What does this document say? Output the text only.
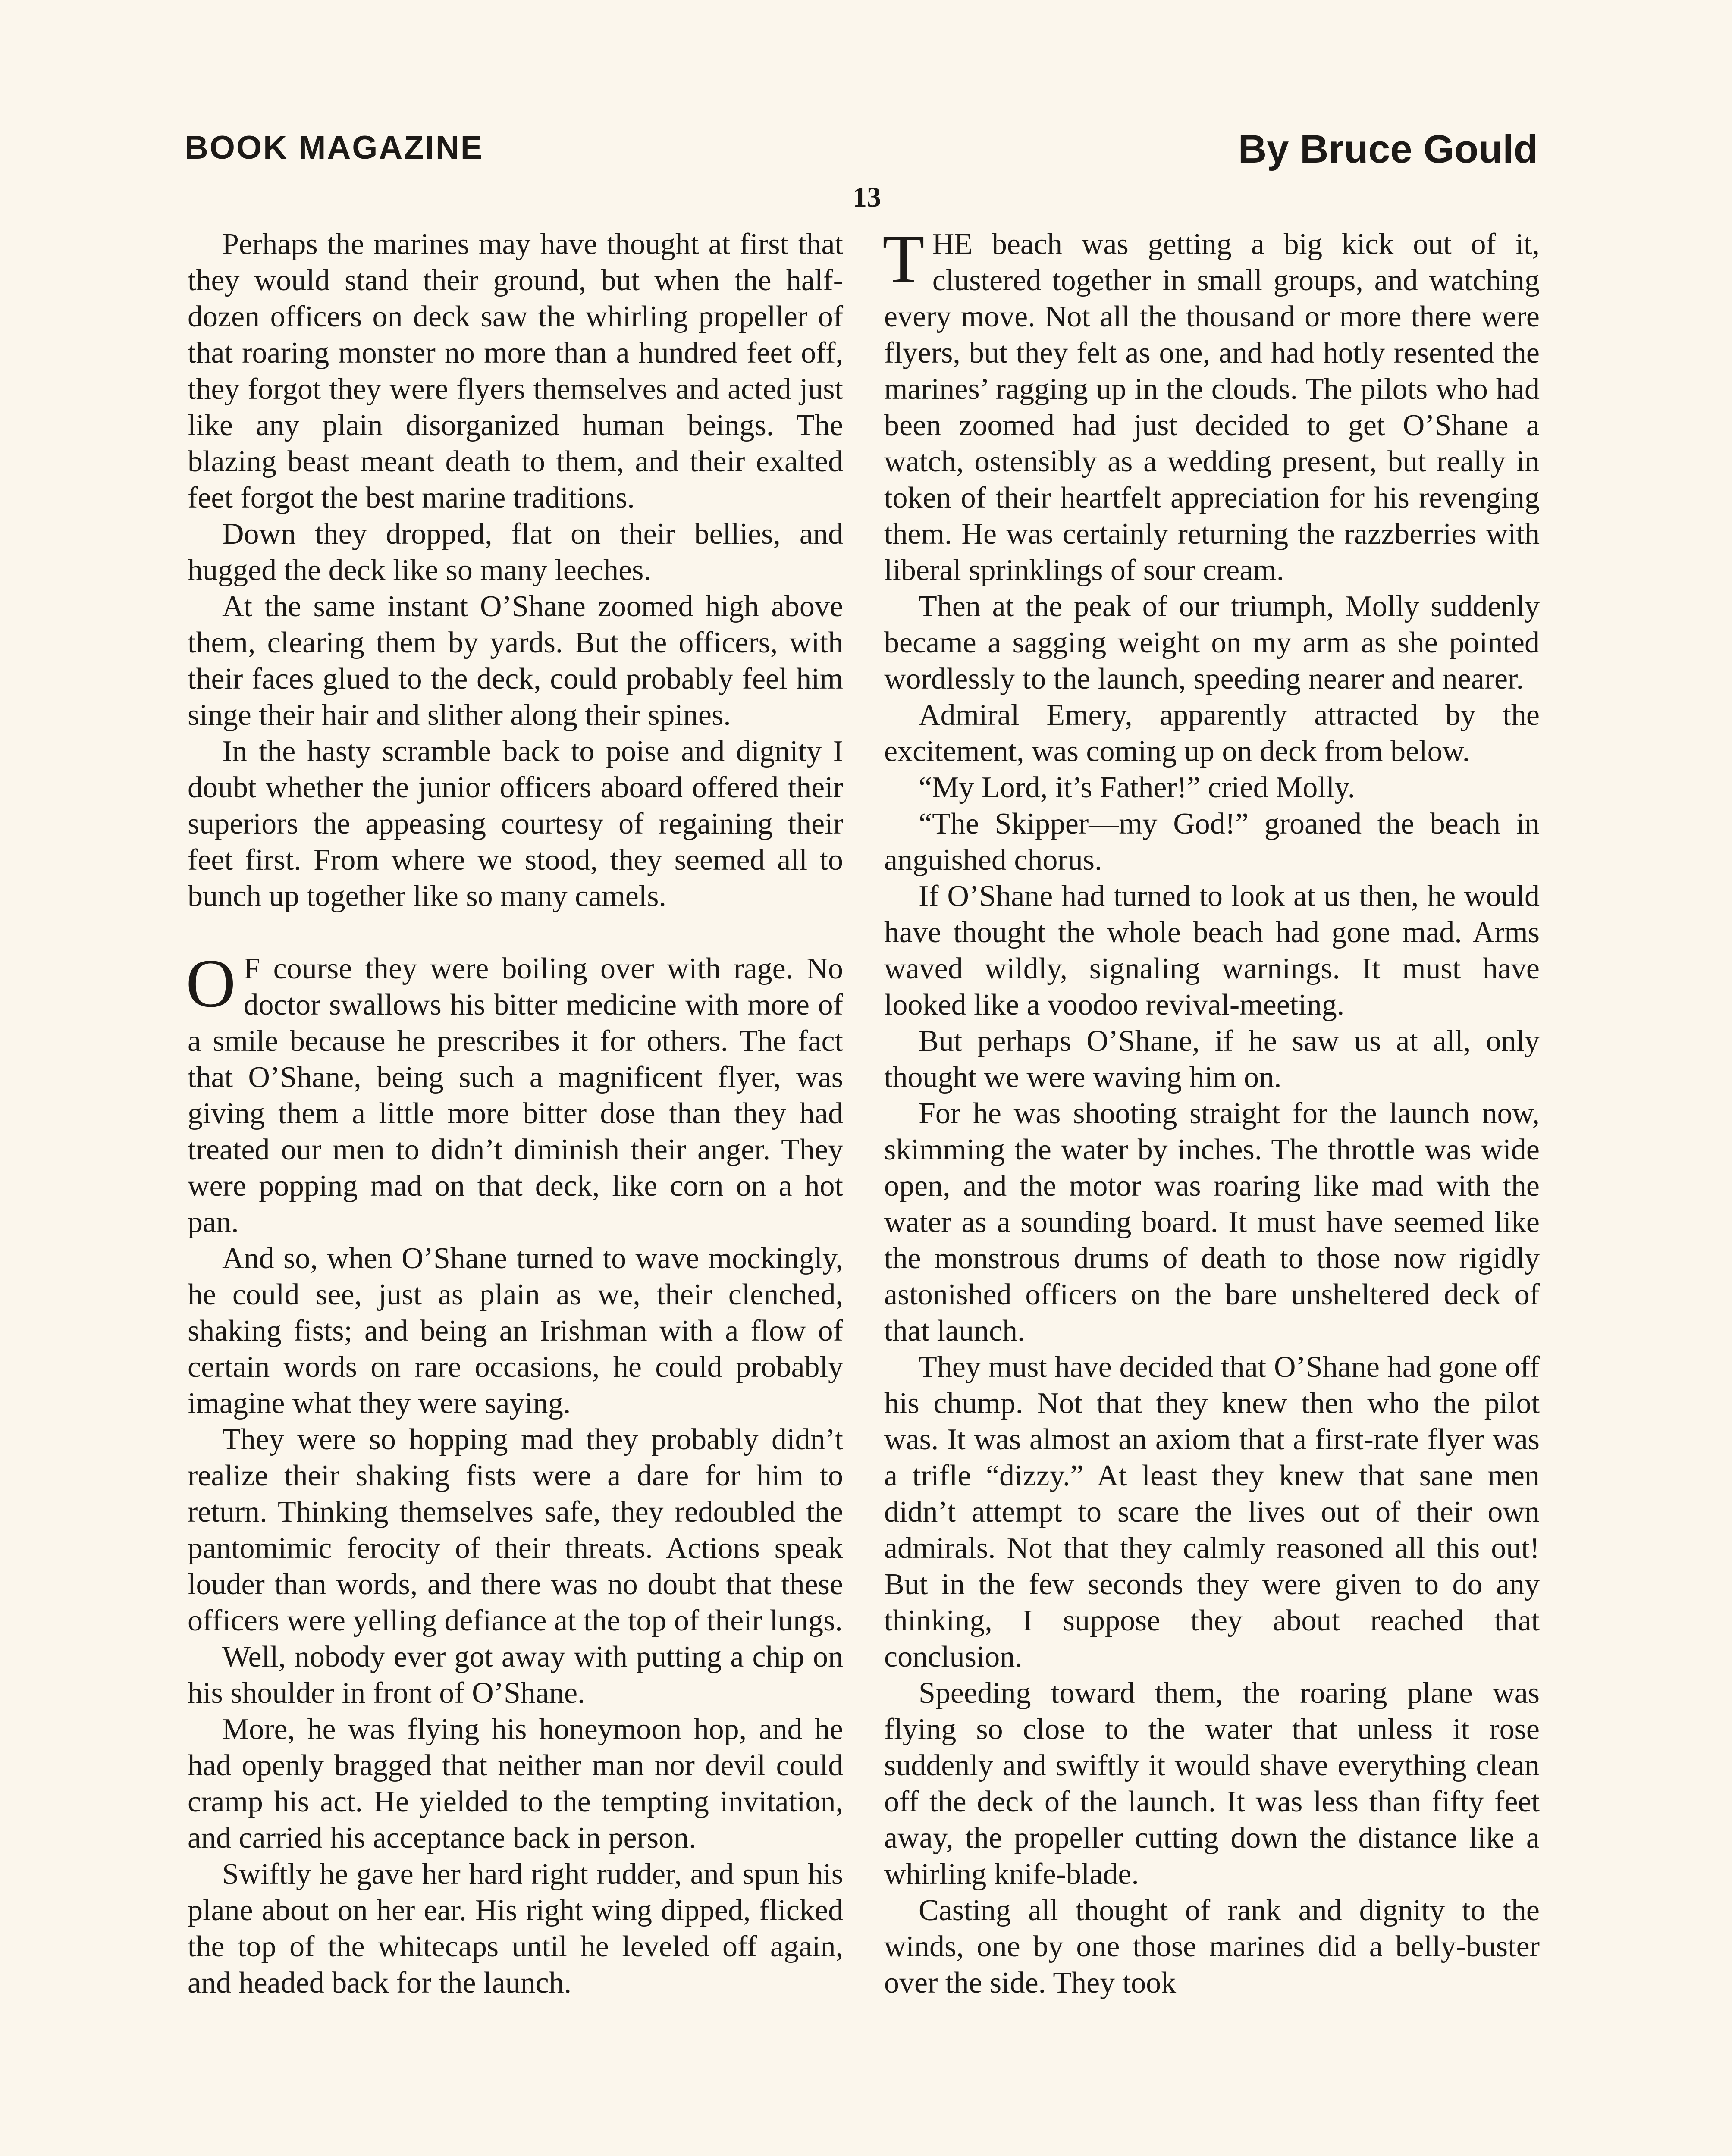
BOOK MAGAZINE	By Bruce Gould
13

Perhaps the marines may have thought at first that they would stand their ground, but when the half-dozen officers on deck saw the whirling propeller of that roaring monster no more than a hundred feet off, they forgot they were flyers themselves and acted just like any plain disorganized human beings. The blazing beast meant death to them, and their exalted feet forgot the best marine traditions.

Down they dropped, flat on their bellies, and hugged the deck like so many leeches.

At the same instant O’Shane zoomed high above them, clearing them by yards. But the officers, with their faces glued to the deck, could probably feel him singe their hair and slither along their spines.

In the hasty scramble back to poise and dignity I doubt whether the junior officers aboard offered their superiors the appeasing courtesy of regaining their feet first. From where we stood, they seemed all to bunch up together like so many camels.

O F course they were boiling over with rage. No doctor swallows his bitter medicine with more of a smile because he prescribes it for others. The fact that O’Shane, being such a magnificent flyer, was giving them a little more bitter dose than they had treated our men to didn’t diminish their anger. They were popping mad on that deck, like corn on a hot pan.

And so, when O’Shane turned to wave mockingly, he could see, just as plain as we, their clenched, shaking fists; and being an Irishman with a flow of certain words on rare occasions, he could probably imagine what they were saying.

They were so hopping mad they probably didn’t realize their shaking fists were a dare for him to return. Thinking themselves safe, they redoubled the pantomimic ferocity of their threats. Actions speak louder than words, and there was no doubt that these officers were yelling defiance at the top of their lungs.

Well, nobody ever got away with putting a chip on his shoulder in front of O’Shane.

More, he was flying his honeymoon hop, and he had openly bragged that neither man nor devil could cramp his act. He yielded to the tempting invitation, and carried his acceptance back in person.

Swiftly he gave her hard right rudder, and spun his plane about on her ear. His right wing dipped, flicked the top of the whitecaps until he leveled off again, and headed back for the launch.

THE beach was getting a big kick out of it, clustered together in small groups, and watching every move. Not all the thousand or more there were flyers, but they felt as one, and had hotly resented the marines’ ragging up in the clouds. The pilots who had been zoomed had just decided to get O’Shane a watch, ostensibly as a wedding present, but really in token of their heartfelt appreciation for his revenging them. He was certainly returning the razzberries with liberal sprinklings of sour cream.

Then at the peak of our triumph, Molly suddenly became a sagging weight on my arm as she pointed wordlessly to the launch, speeding nearer and nearer.

Admiral Emery, apparently attracted by the excitement, was coming up on deck from below.

“My Lord, it’s Father!” cried Molly.

“The Skipper—my God!” groaned the beach in anguished chorus.

If O’Shane had turned to look at us then, he would have thought the whole beach had gone mad. Arms waved wildly, signaling warnings. It must have looked like a voodoo revival-meeting.

But perhaps O’Shane, if he saw us at all, only thought we were waving him on.

For he was shooting straight for the launch now, skimming the water by inches. The throttle was wide open, and the motor was roaring like mad with the water as a sounding board. It must have seemed like the monstrous drums of death to those now rigidly astonished officers on the bare unsheltered deck of that launch.

They must have decided that O’Shane had gone off his chump. Not that they knew then who the pilot was. It was almost an axiom that a first-rate flyer was a trifle “dizzy.” At least they knew that sane men didn’t attempt to scare the lives out of their own admirals. Not that they calmly reasoned all this out! But in the few seconds they were given to do any thinking, I suppose they about reached that conclusion.

Speeding toward them, the roaring plane was flying so close to the water that unless it rose suddenly and swiftly it would shave everything clean off the deck of the launch. It was less than fifty feet away, the propeller cutting down the distance like a whirling knife-blade.

Casting all thought of rank and dignity to the winds, one by one those marines did a belly-buster over the side. They took
